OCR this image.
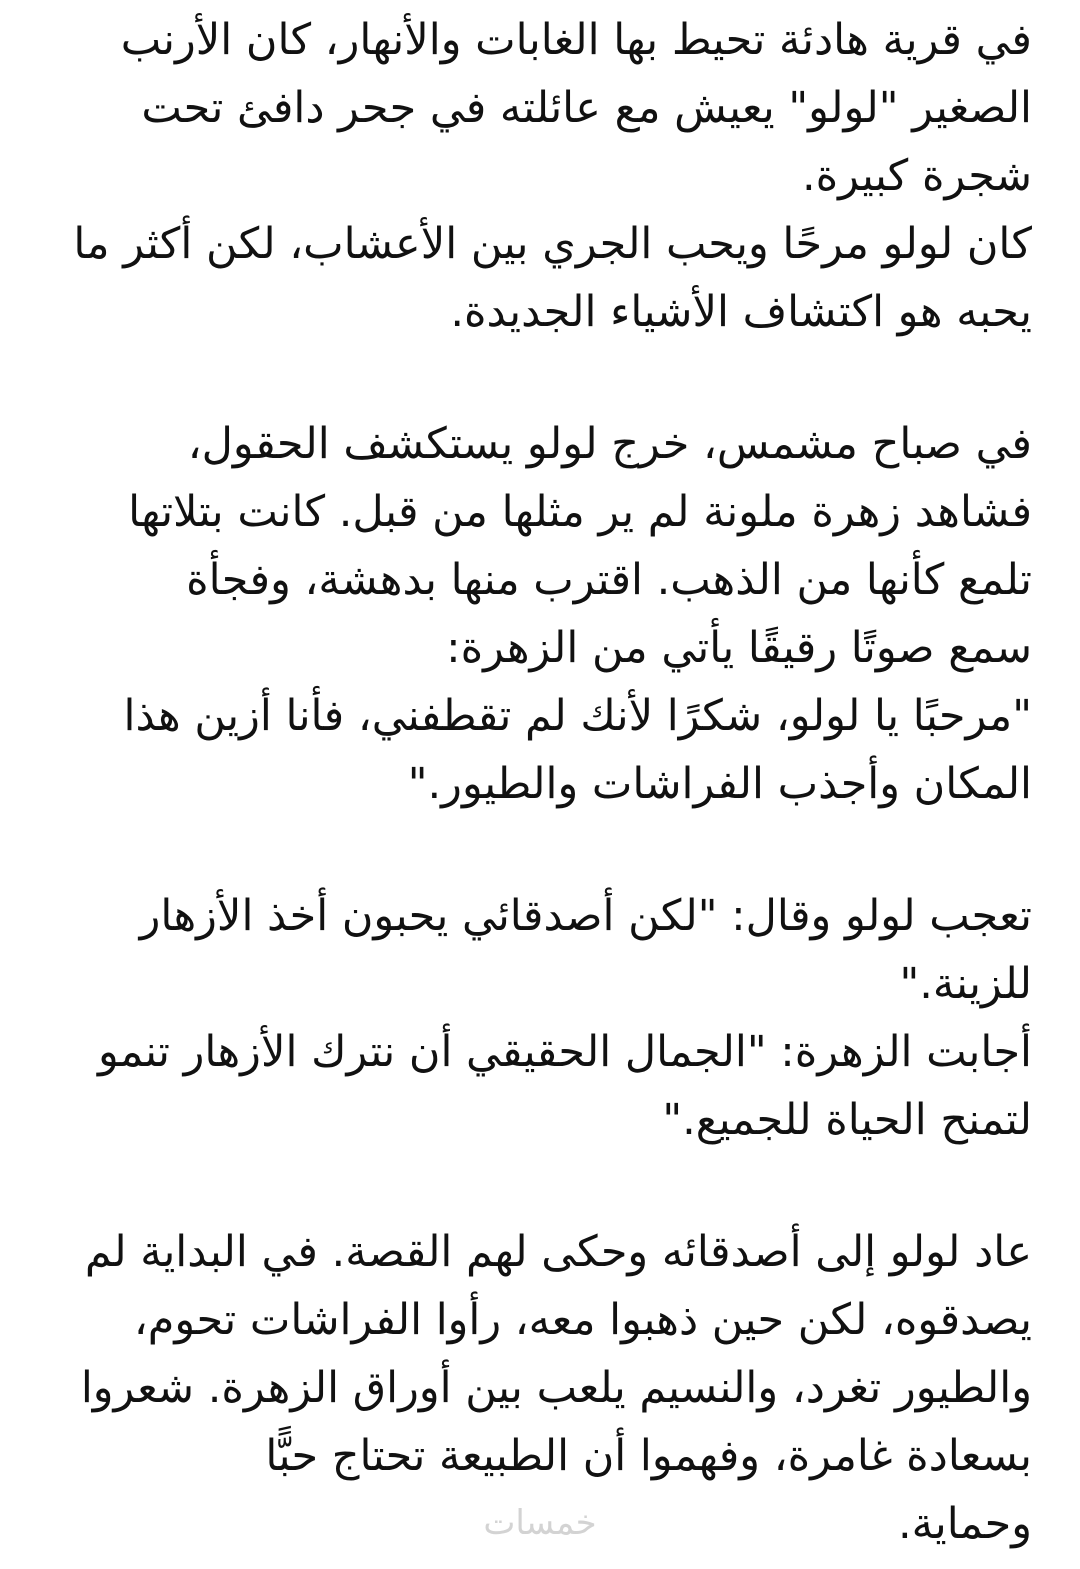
في قرية هادئة تحيط بها الغابات والأنهار، كان الأرنب
الصغير "لولو" يعيش مع عائلته في جحر دافئ تحت
شجرة كبيرة.
كان لولو مرحًا ويحب الجري بين الأعشاب، لكن أكثر ما
يحبه هو اكتشاف الأشياء الجديدة.
في صباح مشمس، خرج لولو يستكشف الحقول،
فشاهد زهرة ملونة لم ير مثلها من قبل. كانت بتلاتها
تلمع كأنها من الذهب. اقترب منها بدهشة، وفجأة
سمع صوتًا رقيقًا يأتي من الزهرة:
"مرحبًا يا لولو، شكرًا لأنك لم تقطفني، فأنا أزين هذا
المكان وأجذب الفراشات والطيور."
تعجب لولو وقال: "لكن أصدقائي يحبون أخذ الأزهار
للزينة."
أجابت الزهرة: "الجمال الحقيقي أن نترك الأزهار تنمو
لتمنح الحياة للجميع."
عاد لولو إلى أصدقائه وحكى لهم القصة. في البداية لم
يصدقوه، لكن حين ذهبوا معه، رأوا الفراشات تحوم،
والطيور تغرد، والنسيم يلعب بين أوراق الزهرة. شعروا
بسعادة غامرة، وفهموا أن الطبيعة تحتاج حبًّا
وحماية.
خمسات
